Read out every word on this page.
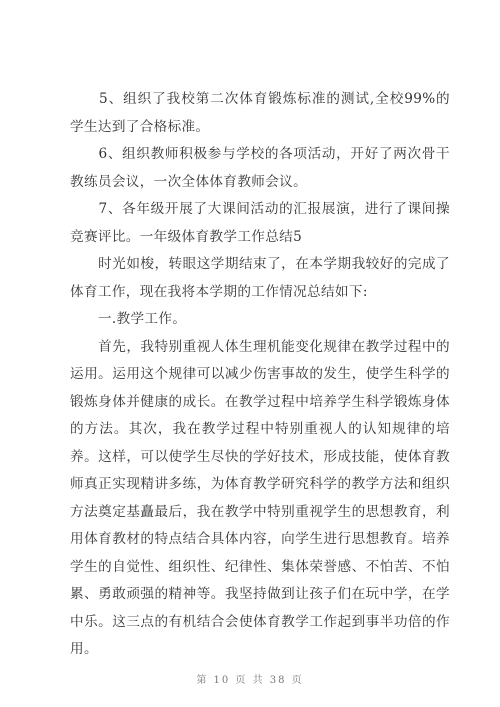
　　5、组织了我校第二次体育锻炼标准的测试,全校99%的 学生达到了合格标准。

　　6、组织教师积极参与学校的各项活动，开好了两次骨干教练员会议，一次全体体育教师会议。

　　7、各年级开展了大课间活动的汇报展演，进行了课间操竞赛评比。一年级体育教学工作总结5

　　时光如梭，转眼这学期结束了，在本学期我较好的完成了体育工作，现在我将本学期的工作情况总结如下:

　　一.教学工作。

　　首先，我特别重视人体生理机能变化规律在教学过程中的运用。运用这个规律可以减少伤害事故的发生，使学生科学的锻炼身体并健康的成长。在教学过程中培养学生科学锻炼身体的方法。其次，我在教学过程中特别重视人的认知规律的培养。这样，可以使学生尽快的学好技术，形成技能，使体育教师真正实现精讲多练，为体育教学研究科学的教学方法和组织方法奠定基矗最后，我在教学中特别重视学生的思想教育，利用体育教材的特点结合具体内容，向学生进行思想教育。培养学生的自觉性、组织性、纪律性、集体荣誉感、不怕苦、不怕累、勇敢顽强的精神等。我坚持做到让孩子们在玩中学，在学中乐。这三点的有机结合会使体育教学工作起到事半功倍的作用。

第 10 页 共 38 页
